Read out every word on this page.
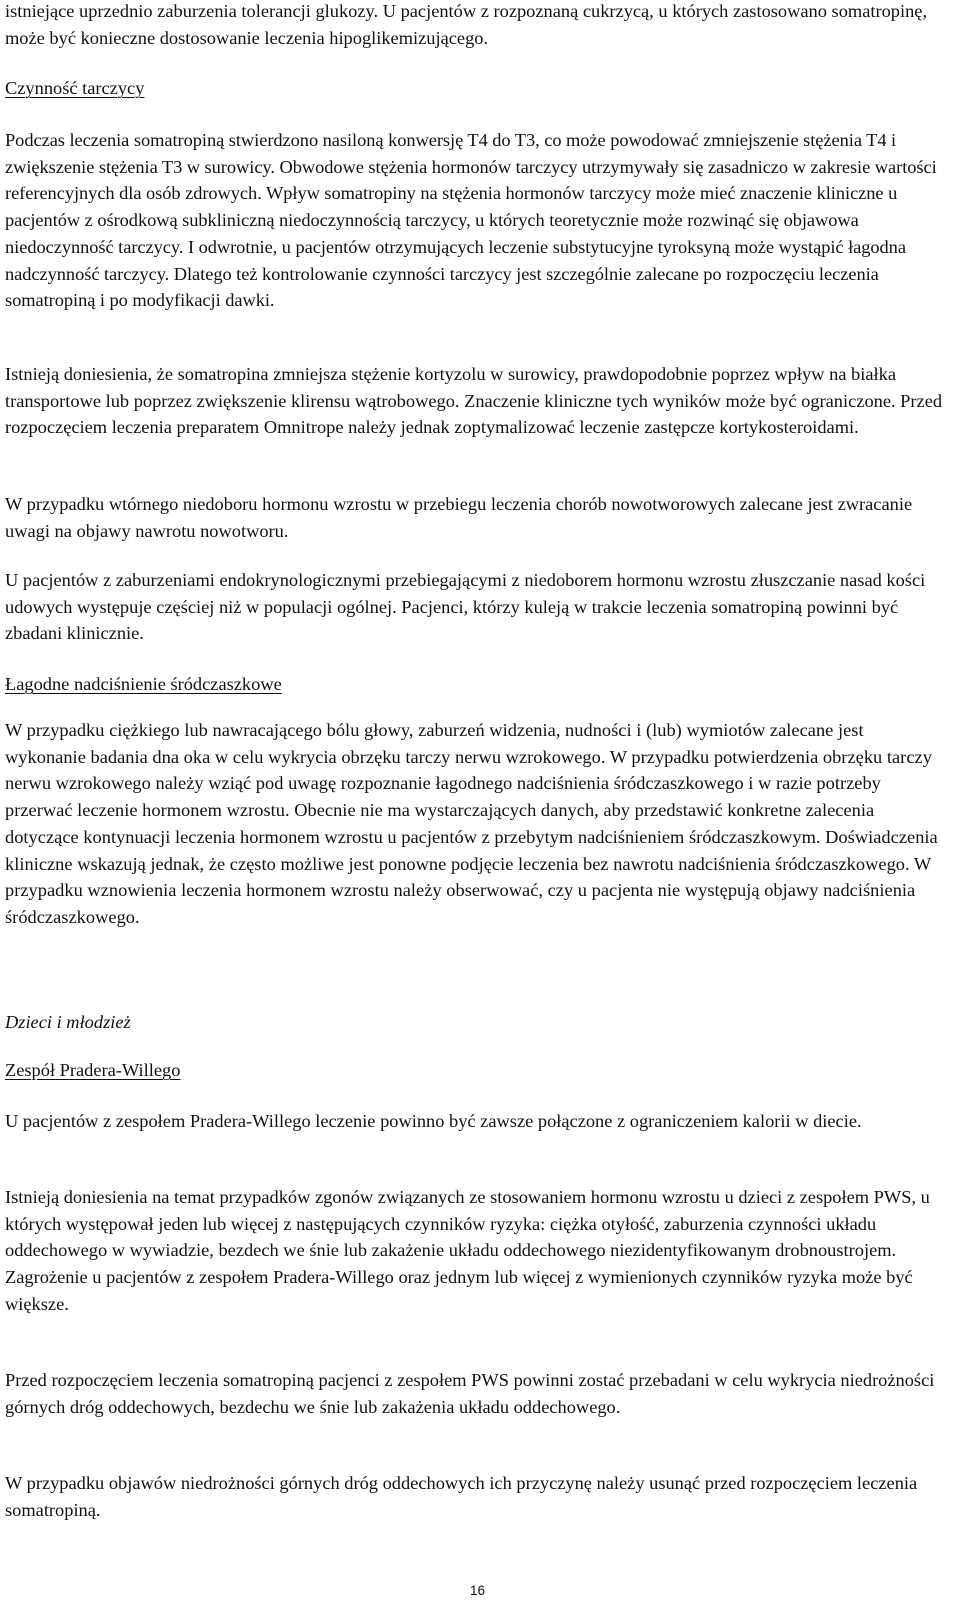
istniejące uprzednio zaburzenia tolerancji glukozy. U pacjentów z rozpoznaną cukrzycą, u których zastosowano somatropinę, może być konieczne dostosowanie leczenia hipoglikemizującego.

Czynność tarczycy

Podczas leczenia somatropiną stwierdzono nasiloną konwersję T4 do T3, co może powodować zmniejszenie stężenia T4 i zwiększenie stężenia T3 w surowicy. Obwodowe stężenia hormonów tarczycy utrzymywały się zasadniczo w zakresie wartości referencyjnych dla osób zdrowych. Wpływ somatropiny na stężenia hormonów tarczycy może mieć znaczenie kliniczne u pacjentów z ośrodkową subkliniczną niedoczynnością tarczycy, u których teoretycznie może rozwinąć się objawowa niedoczynność tarczycy. I odwrotnie, u pacjentów otrzymujących leczenie substytucyjne tyroksyną może wystąpić łagodna nadczynność tarczycy. Dlatego też kontrolowanie czynności tarczycy jest szczególnie zalecane po rozpoczęciu leczenia somatropiną i po modyfikacji dawki.

Istnieją doniesienia, że somatropina zmniejsza stężenie kortyzolu w surowicy, prawdopodobnie poprzez wpływ na białka transportowe lub poprzez zwiększenie klirensu wątrobowego. Znaczenie kliniczne tych wyników może być ograniczone. Przed rozpoczęciem leczenia preparatem Omnitrope należy jednak zoptymalizować leczenie zastępcze kortykosteroidami.

W przypadku wtórnego niedoboru hormonu wzrostu w przebiegu leczenia chorób nowotworowych zalecane jest zwracanie uwagi na objawy nawrotu nowotworu.

U pacjentów z zaburzeniami endokrynologicznymi przebiegającymi z niedoborem hormonu wzrostu złuszczanie nasad kości udowych występuje częściej niż w populacji ogólnej. Pacjenci, którzy kuleją w trakcie leczenia somatropiną powinni być zbadani klinicznie.

Łagodne nadciśnienie śródczaszkowe

W przypadku ciężkiego lub nawracającego bólu głowy, zaburzeń widzenia, nudności i (lub) wymiotów zalecane jest wykonanie badania dna oka w celu wykrycia obrzęku tarczy nerwu wzrokowego. W przypadku potwierdzenia obrzęku tarczy nerwu wzrokowego należy wziąć pod uwagę rozpoznanie łagodnego nadciśnienia śródczaszkowego i w razie potrzeby przerwać leczenie hormonem wzrostu. Obecnie nie ma wystarczających danych, aby przedstawić konkretne zalecenia dotyczące kontynuacji leczenia hormonem wzrostu u pacjentów z przebytym nadciśnieniem śródczaszkowym. Doświadczenia kliniczne wskazują jednak, że często możliwe jest ponowne podjęcie leczenia bez nawrotu nadciśnienia śródczaszkowego. W przypadku wznowienia leczenia hormonem wzrostu należy obserwować, czy u pacjenta nie występują objawy nadciśnienia śródczaszkowego.

Dzieci i młodzież

Zespół Pradera-Willego

U pacjentów z zespołem Pradera-Willego leczenie powinno być zawsze połączone z ograniczeniem kalorii w diecie.

Istnieją doniesienia na temat przypadków zgonów związanych ze stosowaniem hormonu wzrostu u dzieci z zespołem PWS, u których występował jeden lub więcej z następujących czynników ryzyka: ciężka otyłość, zaburzenia czynności układu oddechowego w wywiadzie, bezdech we śnie lub zakażenie układu oddechowego niezidentyfikowanym drobnoustrojem. Zagrożenie u pacjentów z zespołem Pradera-Willego oraz jednym lub więcej z wymienionych czynników ryzyka może być większe.

Przed rozpoczęciem leczenia somatropiną pacjenci z zespołem PWS powinni zostać przebadani w celu wykrycia niedrożności górnych dróg oddechowych, bezdechu we śnie lub zakażenia układu oddechowego.

W przypadku objawów niedrożności górnych dróg oddechowych ich przyczynę należy usunąć przed rozpoczęciem leczenia somatropiną.

16
